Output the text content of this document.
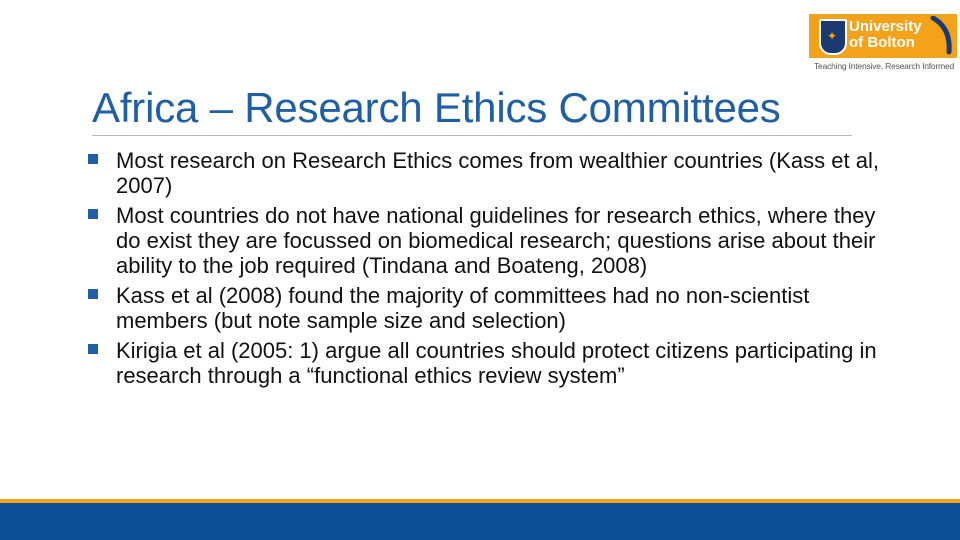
Africa – Research Ethics Committees
Most research on Research Ethics comes from wealthier countries (Kass et al, 2007)
Most countries do not have national guidelines for research ethics, where they do exist they are focussed on biomedical research; questions arise about their ability to the job required (Tindana and Boateng, 2008)
Kass et al (2008) found the majority of committees had no non-scientist members (but note sample size and selection)
Kirigia et al (2005: 1) argue all countries should protect citizens participating in research through a “functional ethics review system”
✦
University
of Bolton
Teaching Intensive, Research Informed
